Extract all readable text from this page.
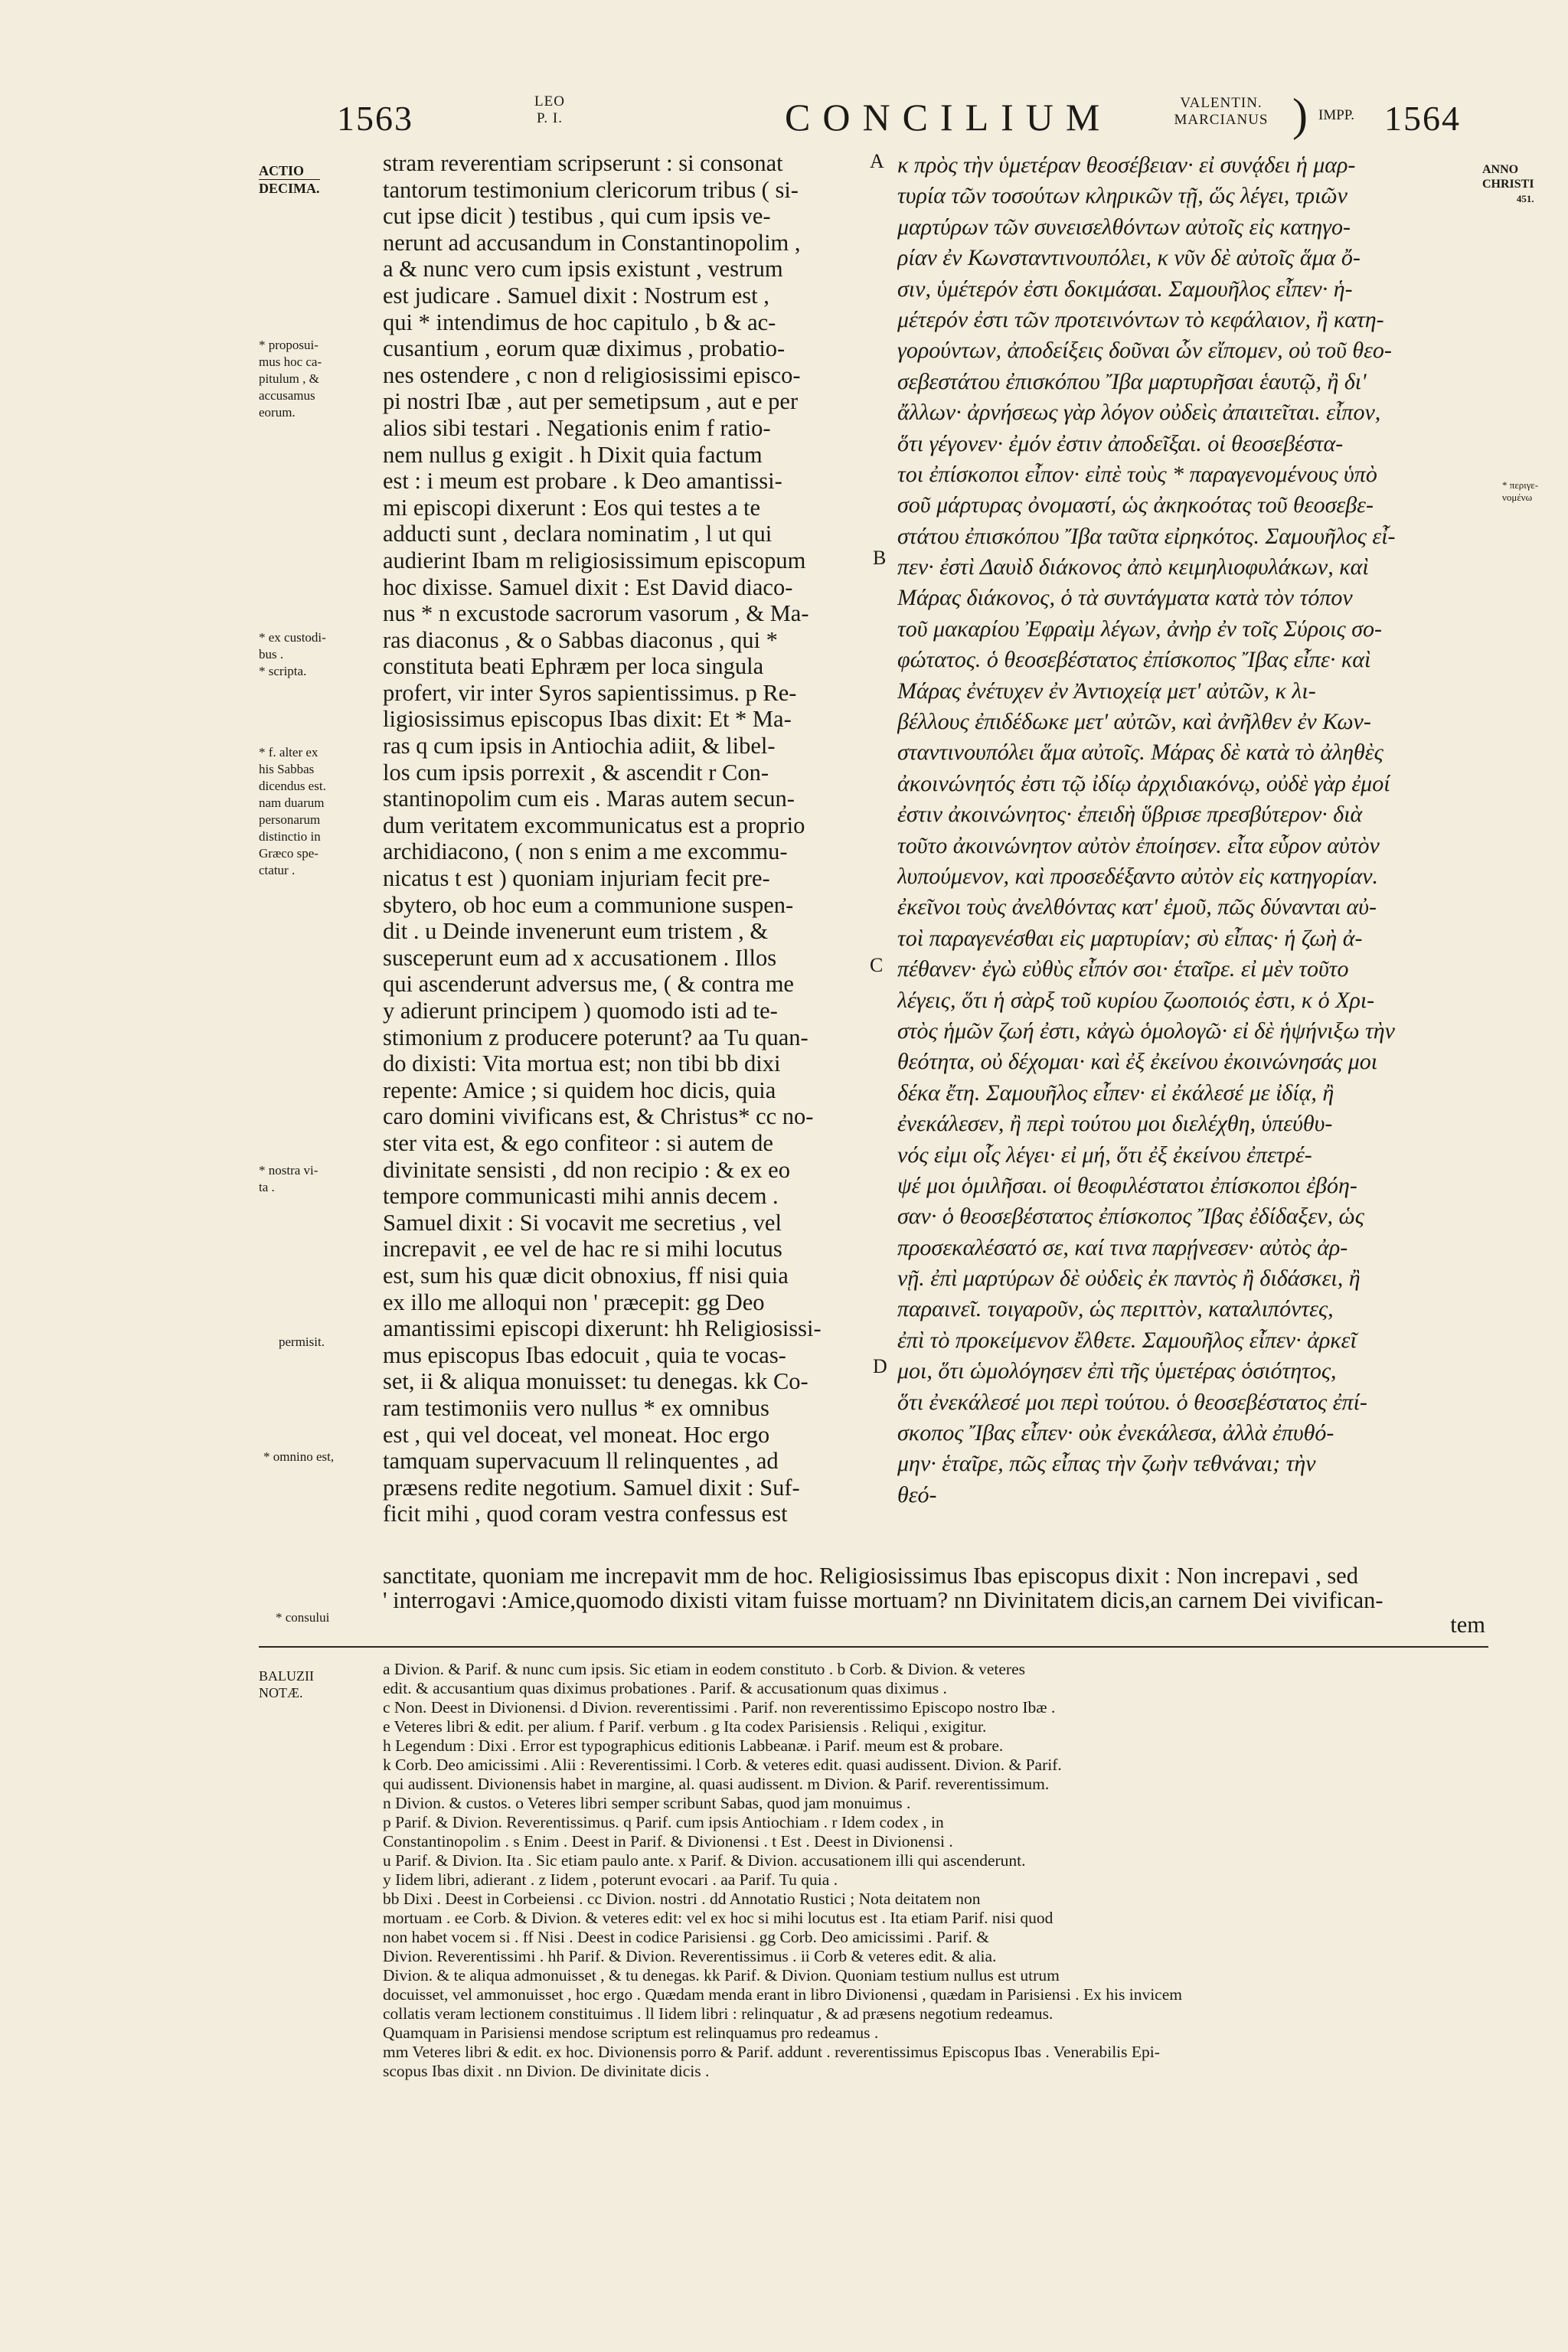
1563	LEO
P. I.	CONCILIUM	VALENTIN.
MARCIANUS ) IMPP. 1564
ACTIO
DECIMA.
* proposui-
mus hoc ca-
pitulum , &
accusamus
eorum.
* ex custodi-
bus .
* scripta.
* f. alter ex
his Sabbas
dicendus est.
nam duarum
personarum
distinctio in
Græco spe-
ctatur .
* nostra vi-
ta .
permisit.
* omnino est,
* consului
ANNO
CHRISTI
451.
* περιγε-
νομένω
A
B
C
D
stram reverentiam scripserunt : si consonat
tantorum testimonium clericorum tribus ( si-
cut ipse dicit ) testibus , qui cum ipsis ve-
nerunt ad accusandum in Constantinopolim ,
a & nunc vero cum ipsis existunt , vestrum
est judicare . Samuel dixit : Nostrum est ,
qui * intendimus de hoc capitulo , b & ac-
cusantium , eorum quæ diximus , probatio-
nes ostendere , c non d religiosissimi episco-
pi nostri Ibæ , aut per semetipsum , aut e per
alios sibi testari . Negationis enim f ratio-
nem nullus g exigit . h Dixit quia factum
est : i meum est probare . k Deo amantissi-
mi episcopi dixerunt : Eos qui testes a te
adducti sunt , declara nominatim , l ut qui
audierint Ibam m religiosissimum episcopum
hoc dixisse. Samuel dixit : Est David diaco-
nus * n excustode sacrorum vasorum , & Ma-
ras diaconus , & o Sabbas diaconus , qui *
constituta beati Ephræm per loca singula
profert, vir inter Syros sapientissimus. p Re-
ligiosissimus episcopus Ibas dixit: Et * Ma-
ras q cum ipsis in Antiochia adiit, & libel-
los cum ipsis porrexit , & ascendit r Con-
stantinopolim cum eis . Maras autem secun-
dum veritatem excommunicatus est a proprio
archidiacono, ( non s enim a me excommu-
nicatus t est ) quoniam injuriam fecit pre-
sbytero, ob hoc eum a communione suspen-
dit . u Deinde invenerunt eum tristem , &
susceperunt eum ad x accusationem . Illos
qui ascenderunt adversus me, ( & contra me
y adierunt principem ) quomodo isti ad te-
stimonium z producere poterunt? aa Tu quan-
do dixisti: Vita mortua est; non tibi bb dixi
repente: Amice ; si quidem hoc dicis, quia
caro domini vivificans est, & Christus* cc no-
ster vita est, & ego confiteor : si autem de
divinitate sensisti , dd non recipio : & ex eo
tempore communicasti mihi annis decem .
Samuel dixit : Si vocavit me secretius , vel
increpavit , ee vel de hac re si mihi locutus
est, sum his quæ dicit obnoxius, ff nisi quia
ex illo me alloqui non ' præcepit: gg Deo
amantissimi episcopi dixerunt: hh Religiosissi-
mus episcopus Ibas edocuit , quia te vocas-
set, ii & aliqua monuisset: tu denegas. kk Co-
ram testimoniis vero nullus * ex omnibus
est , qui vel doceat, vel moneat. Hoc ergo
tamquam supervacuum ll relinquentes , ad
præsens redite negotium. Samuel dixit : Suf-
ficit mihi , quod coram vestra confessus est
κ πρὸς τὴν ὑμετέραν θεοσέβειαν· εἰ συνᾴδει ἡ μαρ-
τυρία τῶν τοσούτων κληρικῶν τῇ, ὥς λέγει, τριῶν
μαρτύρων τῶν συνεισελθόντων αὐτοῖς εἰς κατηγο-
ρίαν ἐν Κωνσταντινουπόλει, κ νῦν δὲ αὐτοῖς ἅμα ὄ-
σιν, ὑμέτερόν ἐστι δοκιμάσαι. Σαμουῆλος εἶπεν· ἡ-
μέτερόν ἐστι τῶν προτεινόντων τὸ κεφάλαιον, ἢ κατη-
γορούντων, ἀποδείξεις δοῦναι ὧν εἴπομεν, οὐ τοῦ θεο-
σεβεστάτου ἐπισκόπου Ἴβα μαρτυρῆσαι ἑαυτῷ, ἢ δι'
ἄλλων· ἀρνήσεως γὰρ λόγον οὐδεὶς ἀπαιτεῖται. εἶπον,
ὅτι γέγονεν· ἐμόν ἐστιν ἀποδεῖξαι. οἱ θεοσεβέστα-
τοι ἐπίσκοποι εἶπον· εἰπὲ τοὺς * παραγενομένους ὑπὸ
σοῦ μάρτυρας ὀνομαστί, ὡς ἀκηκοότας τοῦ θεοσεβε-
στάτου ἐπισκόπου Ἴβα ταῦτα εἰρηκότος. Σαμουῆλος εἶ-
πεν· ἐστὶ Δαυὶδ διάκονος ἀπὸ κειμηλιοφυλάκων, καὶ
Μάρας διάκονος, ὁ τὰ συντάγματα κατὰ τὸν τόπον
τοῦ μακαρίου Ἐφραὶμ λέγων, ἀνὴρ ἐν τοῖς Σύροις σο-
φώτατος. ὁ θεοσεβέστατος ἐπίσκοπος Ἴβας εἶπε· καὶ
Μάρας ἐνέτυχεν ἐν Ἀντιοχείᾳ μετ' αὐτῶν, κ λι-
βέλλους ἐπιδέδωκε μετ' αὐτῶν, καὶ ἀνῆλθεν ἐν Κων-
σταντινουπόλει ἅμα αὐτοῖς. Μάρας δὲ κατὰ τὸ ἀληθὲς
ἀκοινώνητός ἐστι τῷ ἰδίῳ ἀρχιδιακόνῳ, οὐδὲ γὰρ ἐμοί
ἐστιν ἀκοινώνητος· ἐπειδὴ ὕβρισε πρεσβύτερον· διὰ
τοῦτο ἀκοινώνητον αὐτὸν ἐποίησεν. εἶτα εὗρον αὐτὸν
λυπούμενον, καὶ προσεδέξαντο αὐτὸν εἰς κατηγορίαν.
ἐκεῖνοι τοὺς ἀνελθόντας κατ' ἐμοῦ, πῶς δύνανται αὐ-
τοὶ παραγενέσθαι εἰς μαρτυρίαν; σὺ εἶπας· ἡ ζωὴ ἀ-
πέθανεν· ἐγὼ εὐθὺς εἶπόν σοι· ἑταῖρε. εἰ μὲν τοῦτο
λέγεις, ὅτι ἡ σὰρξ τοῦ κυρίου ζωοποιός ἐστι, κ ὁ Χρι-
στὸς ἡμῶν ζωή ἐστι, κἀγὼ ὁμολογῶ· εἰ δὲ ἡψήνιξω τὴν
θεότητα, οὐ δέχομαι· καὶ ἐξ ἐκείνου ἐκοινώνησάς μοι
δέκα ἔτη. Σαμουῆλος εἶπεν· εἰ ἐκάλεσέ με ἰδίᾳ, ἢ
ἐνεκάλεσεν, ἢ περὶ τούτου μοι διελέχθη, ὑπεύθυ-
νός εἰμι οἷς λέγει· εἰ μή, ὅτι ἐξ ἐκείνου ἐπετρέ-
ψέ μοι ὁμιλῆσαι. οἱ θεοφιλέστατοι ἐπίσκοποι ἐβόη-
σαν· ὁ θεοσεβέστατος ἐπίσκοπος Ἴβας ἐδίδαξεν, ὡς
προσεκαλέσατό σε, καί τινα παρῄνεσεν· αὐτὸς ἀρ-
νῇ. ἐπὶ μαρτύρων δὲ οὐδεὶς ἐκ παντὸς ἢ διδάσκει, ἢ
παραινεῖ. τοιγαροῦν, ὡς περιττὸν, καταλιπόντες,
ἐπὶ τὸ προκείμενον ἔλθετε. Σαμουῆλος εἶπεν· ἀρκεῖ
μοι, ὅτι ὡμολόγησεν ἐπὶ τῆς ὑμετέρας ὁσιότητος,
ὅτι ἐνεκάλεσέ μοι περὶ τούτου. ὁ θεοσεβέστατος ἐπί-
σκοπος Ἴβας εἶπεν· οὐκ ἐνεκάλεσα, ἀλλὰ ἐπυθό-
μην· ἑταῖρε, πῶς εἶπας τὴν ζωὴν τεθνάναι; τὴν
θεό-
sanctitate, quoniam me increpavit mm de hoc. Religiosissimus Ibas episcopus dixit : Non increpavi , sed
' interrogavi :Amice,quomodo dixisti vitam fuisse mortuam? nn Divinitatem dicis,an carnem Dei vivifican-
tem
BALUZII
NOTÆ.
a Divion. & Parif. & nunc cum ipsis. Sic etiam in eodem constituto . b Corb. & Divion. & veteres
edit. & accusantium quas diximus probationes . Parif. & accusationum quas diximus .
c Non. Deest in Divionensi. d Divion. reverentissimi . Parif. non reverentissimo Episcopo nostro Ibæ .
e Veteres libri & edit. per alium. f Parif. verbum . g Ita codex Parisiensis . Reliqui , exigitur.
h Legendum : Dixi . Error est typographicus editionis Labbeanæ. i Parif. meum est & probare.
k Corb. Deo amicissimi . Alii : Reverentissimi. l Corb. & veteres edit. quasi audissent. Divion. & Parif.
qui audissent. Divionensis habet in margine, al. quasi audissent. m Divion. & Parif. reverentissimum.
n Divion. & custos. o Veteres libri semper scribunt Sabas, quod jam monuimus .
p Parif. & Divion. Reverentissimus. q Parif. cum ipsis Antiochiam . r Idem codex , in
Constantinopolim . s Enim . Deest in Parif. & Divionensi . t Est . Deest in Divionensi .
u Parif. & Divion. Ita . Sic etiam paulo ante. x Parif. & Divion. accusationem illi qui ascenderunt.
y Iidem libri, adierant . z Iidem , poterunt evocari . aa Parif. Tu quia .
bb Dixi . Deest in Corbeiensi . cc Divion. nostri . dd Annotatio Rustici ; Nota deitatem non
mortuam . ee Corb. & Divion. & veteres edit: vel ex hoc si mihi locutus est . Ita etiam Parif. nisi quod
non habet vocem si . ff Nisi . Deest in codice Parisiensi . gg Corb. Deo amicissimi . Parif. &
Divion. Reverentissimi . hh Parif. & Divion. Reverentissimus . ii Corb & veteres edit. & alia.
Divion. & te aliqua admonuisset , & tu denegas. kk Parif. & Divion. Quoniam testium nullus est utrum
docuisset, vel ammonuisset , hoc ergo . Quædam menda erant in libro Divionensi , quædam in Parisiensi . Ex his invicem
collatis veram lectionem constituimus . ll Iidem libri : relinquatur , & ad præsens negotium redeamus.
Quamquam in Parisiensi mendose scriptum est relinquamus pro redeamus .
mm Veteres libri & edit. ex hoc. Divionensis porro & Parif. addunt . reverentissimus Episcopus Ibas . Venerabilis Epi-
scopus Ibas dixit . nn Divion. De divinitate dicis .
